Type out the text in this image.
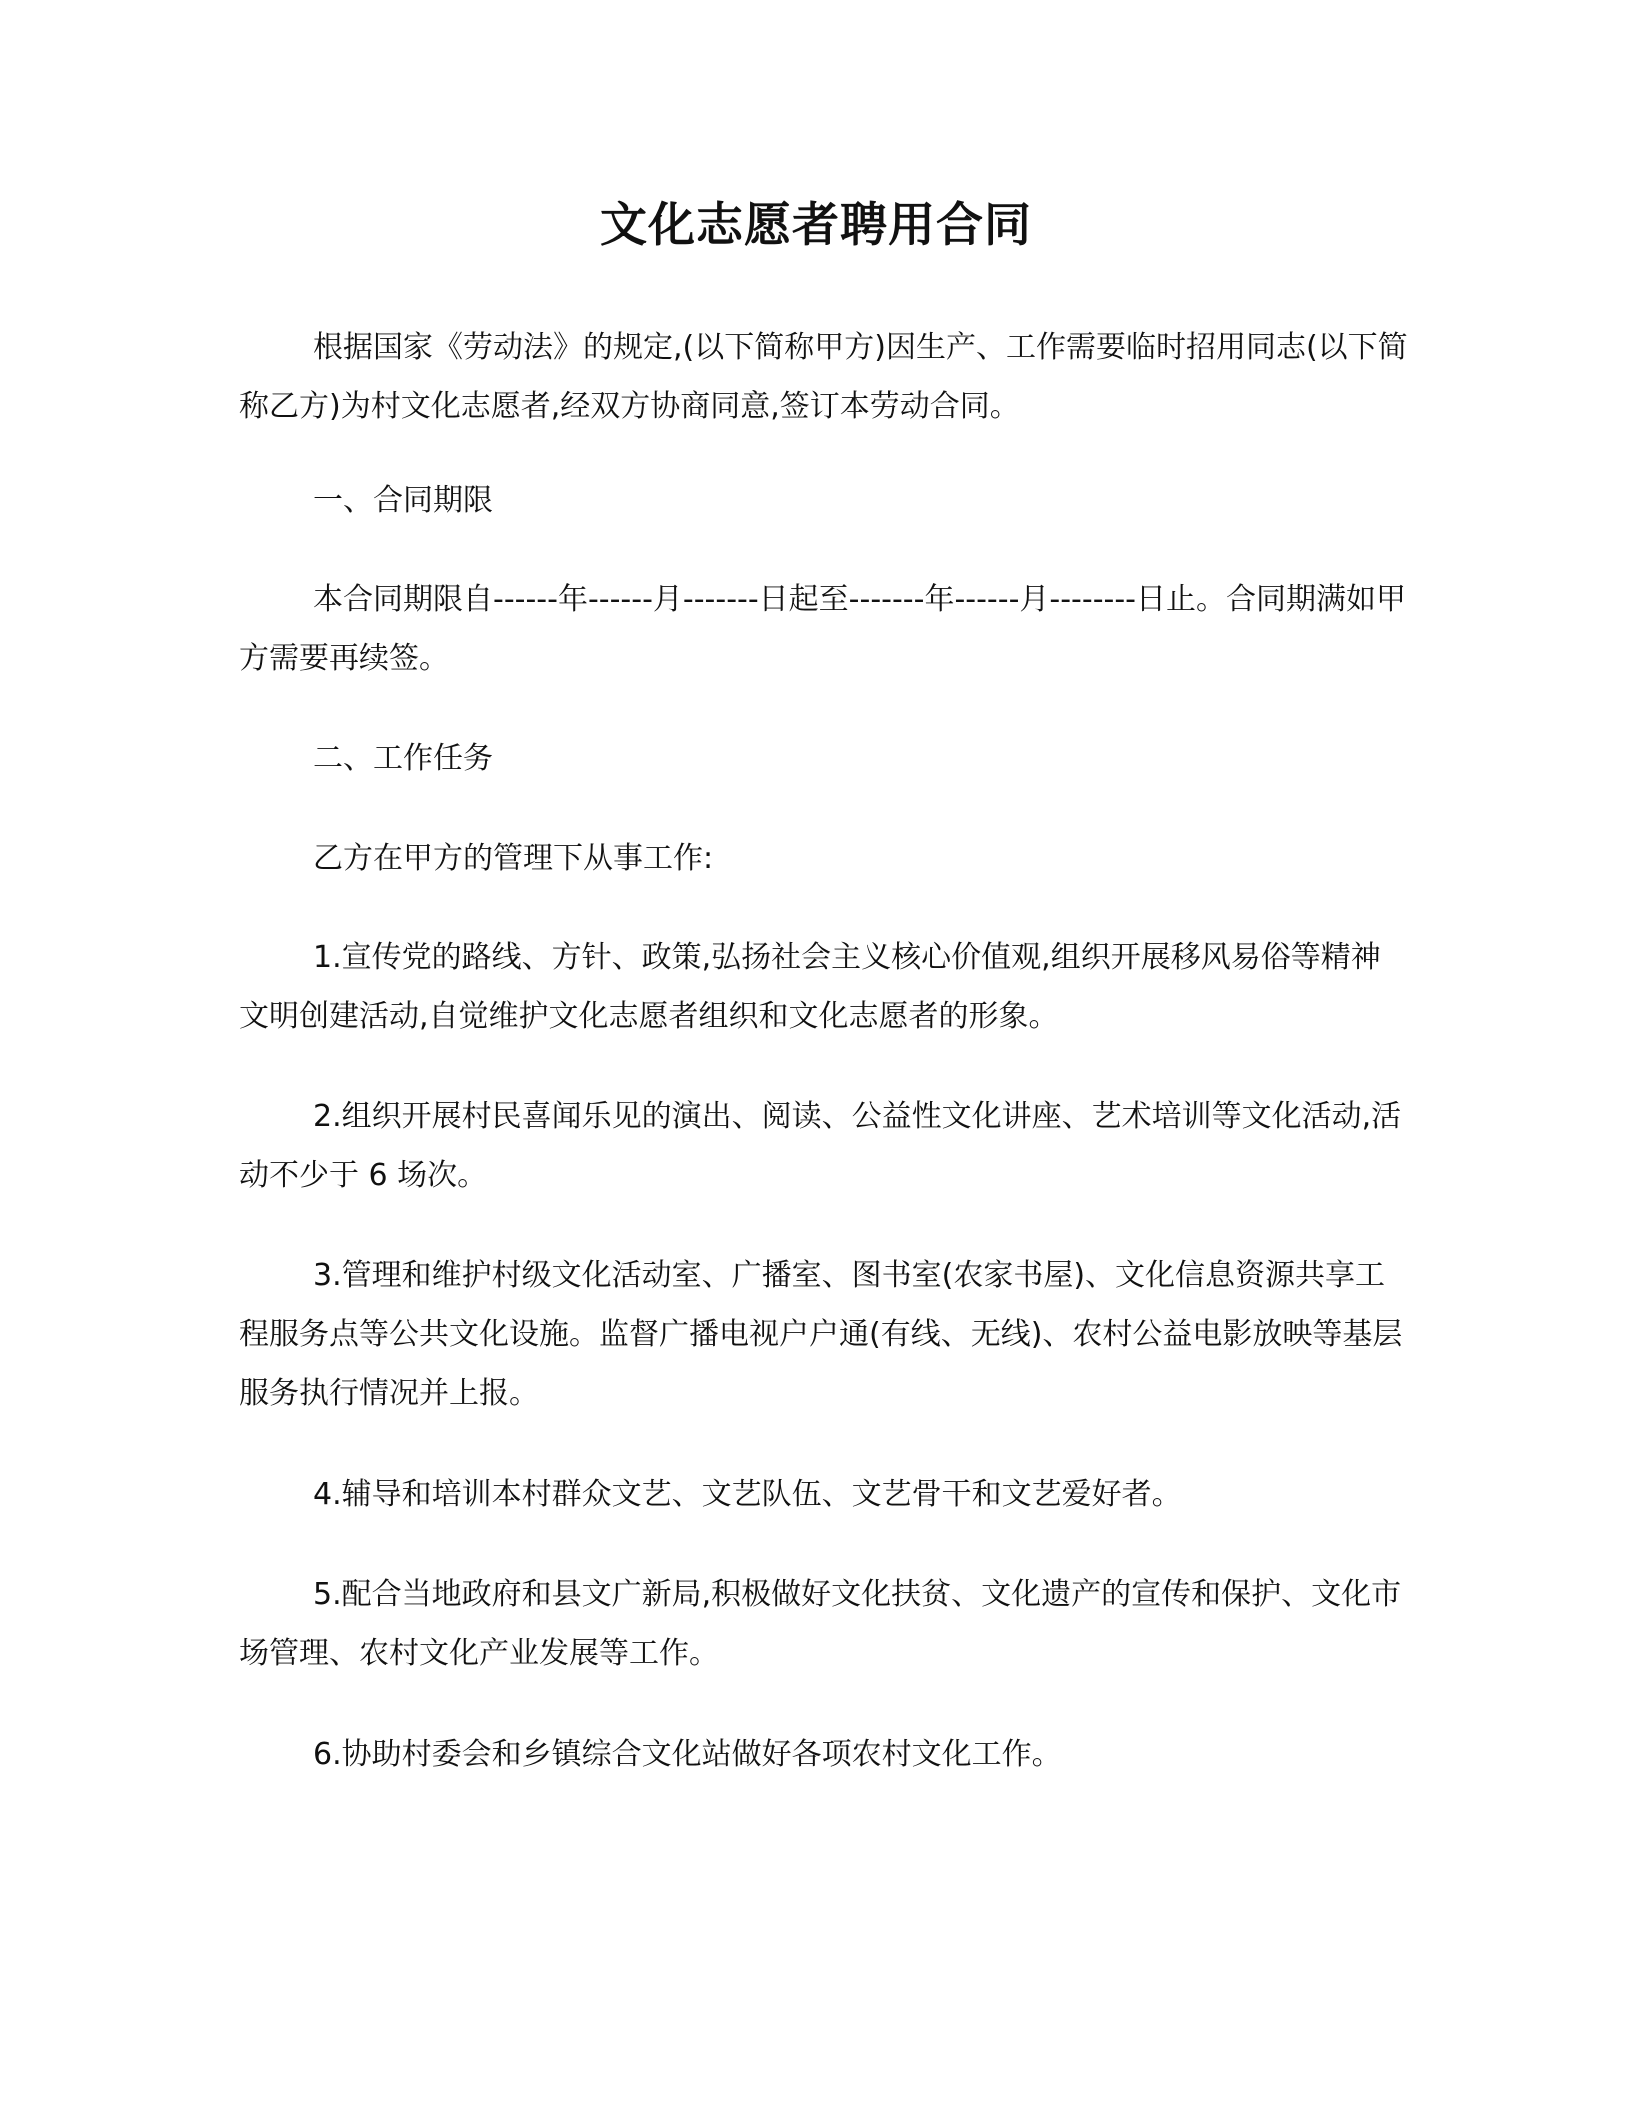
文化志愿者聘用合同

根据国家《劳动法》的规定,(以下简称甲方)因生产、工作需要临时招用同志(以下简称乙方)为村文化志愿者,经双方协商同意,签订本劳动合同。

一、合同期限

本合同期限自------年------月-------日起至-------年------月--------日止。合同期满如甲方需要再续签。

二、工作任务

乙方在甲方的管理下从事工作:

1.宣传党的路线、方针、政策,弘扬社会主义核心价值观,组织开展移风易俗等精神文明创建活动,自觉维护文化志愿者组织和文化志愿者的形象。

2.组织开展村民喜闻乐见的演出、阅读、公益性文化讲座、艺术培训等文化活动,活动不少于 6 场次。

3.管理和维护村级文化活动室、广播室、图书室(农家书屋)、文化信息资源共享工程服务点等公共文化设施。监督广播电视户户通(有线、无线)、农村公益电影放映等基层服务执行情况并上报。

4.辅导和培训本村群众文艺、文艺队伍、文艺骨干和文艺爱好者。

5.配合当地政府和县文广新局,积极做好文化扶贫、文化遗产的宣传和保护、文化市场管理、农村文化产业发展等工作。

6.协助村委会和乡镇综合文化站做好各项农村文化工作。
